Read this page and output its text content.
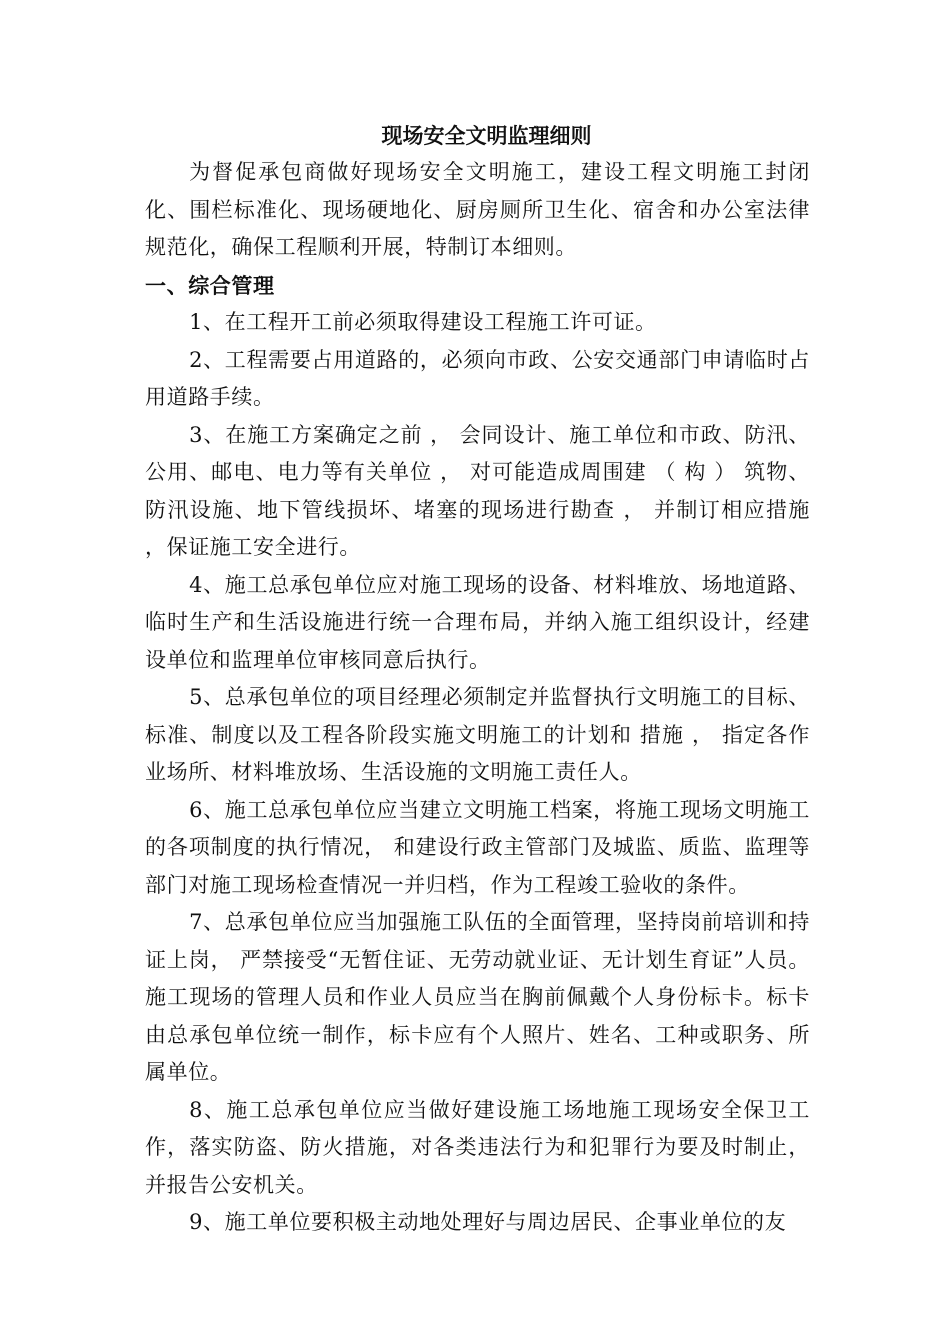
现场安全文明监理细则

为督促承包商做好现场安全文明施工，建设工程文明施工封闭化、围栏标准化、现场硬地化、厨房厕所卫生化、宿舍和办公室法律规范化，确保工程顺利开展，特制订本细则。

一、综合管理

1、在工程开工前必须取得建设工程施工许可证。

2、工程需要占用道路的，必须向市政、公安交通部门申请临时占用道路手续。

3、在施工方案确定之前 ， 会同设计、施工单位和市政、防汛、公用、邮电、电力等有关单位 ， 对可能造成周围建 （ 构 ） 筑物、防汛设施、地下管线损坏、堵塞的现场进行勘查 ， 并制订相应措施 ，保证施工安全进行。

4、施工总承包单位应对施工现场的设备、材料堆放、场地道路、临时生产和生活设施进行统一合理布局，并纳入施工组织设计，经建设单位和监理单位审核同意后执行。

5、总承包单位的项目经理必须制定并监督执行文明施工的目标、标准、制度以及工程各阶段实施文明施工的计划和 措施 ， 指定各作业场所、材料堆放场、生活设施的文明施工责任人。

6、施工总承包单位应当建立文明施工档案，将施工现场文明施工的各项制度的执行情况， 和建设行政主管部门及城监、质监、监理等部门对施工现场检查情况一并归档，作为工程竣工验收的条件。

7、总承包单位应当加强施工队伍的全面管理，坚持岗前培训和持证上岗， 严禁接受“无暂住证、无劳动就业证、无计划生育证”人员。施工现场的管理人员和作业人员应当在胸前佩戴个人身份标卡。标卡由总承包单位统一制作，标卡应有个人照片、姓名、工种或职务、所属单位。

8、施工总承包单位应当做好建设施工场地施工现场安全保卫工作，落实防盗、防火措施，对各类违法行为和犯罪行为要及时制止，并报告公安机关。

9、施工单位要积极主动地处理好与周边居民、企事业单位的友
